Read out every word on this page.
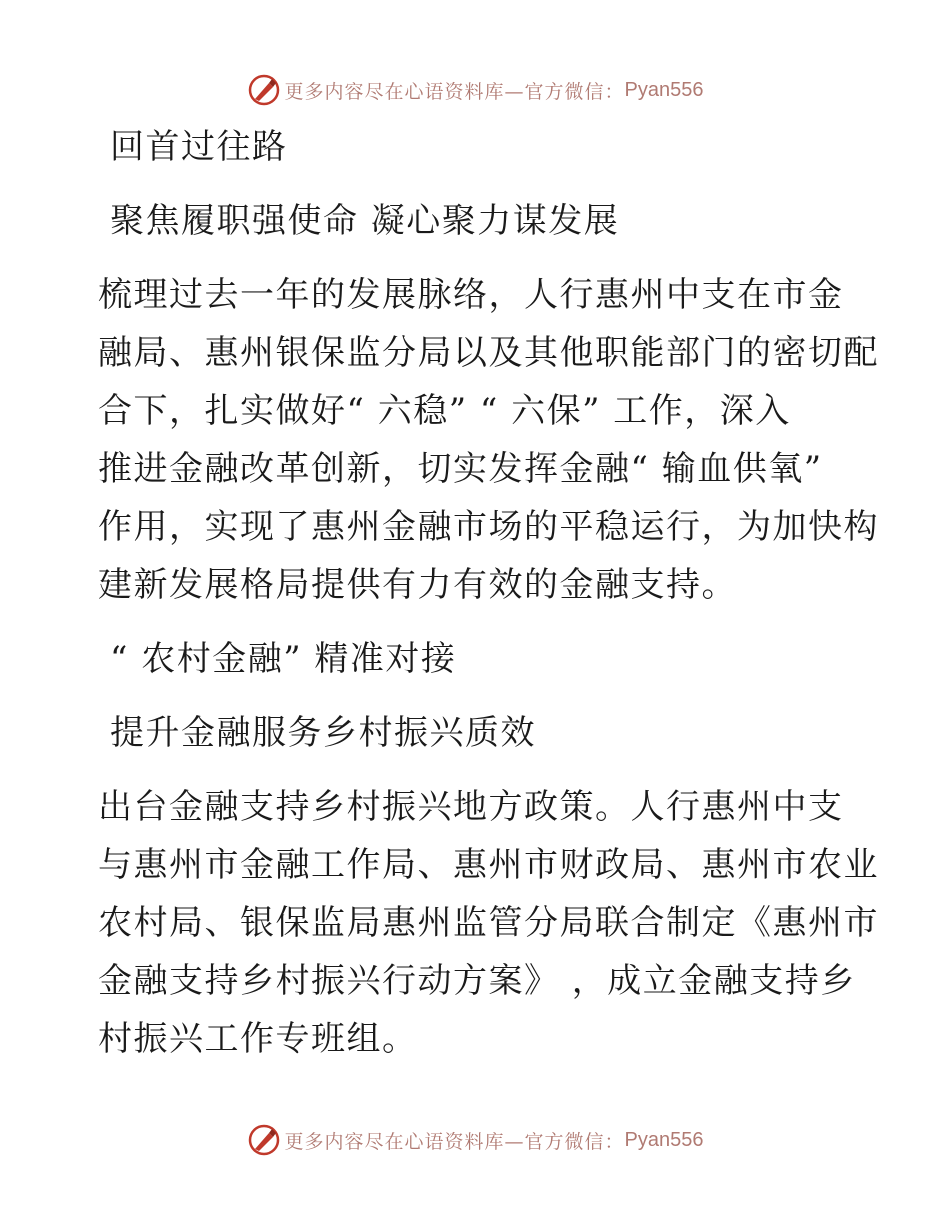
更多内容尽在心语资料库—官方微信： Pyan556
回首过往路
聚焦履职强使命 凝心聚力谋发展
梳理过去一年的发展脉络，人行惠州中支在市金
融局、惠州银保监分局以及其他职能部门的密切配
合下，扎实做好“ 六稳” “ 六保” 工作，深入
推进金融改革创新，切实发挥金融“ 输血供氧”
作用，实现了惠州金融市场的平稳运行，为加快构
建新发展格局提供有力有效的金融支持。
“ 农村金融” 精准对接
提升金融服务乡村振兴质效
出台金融支持乡村振兴地方政策。人行惠州中支
与惠州市金融工作局、惠州市财政局、惠州市农业
农村局、银保监局惠州监管分局联合制定《惠州市
金融支持乡村振兴行动方案》 ，成立金融支持乡
村振兴工作专班组。
更多内容尽在心语资料库—官方微信： Pyan556
